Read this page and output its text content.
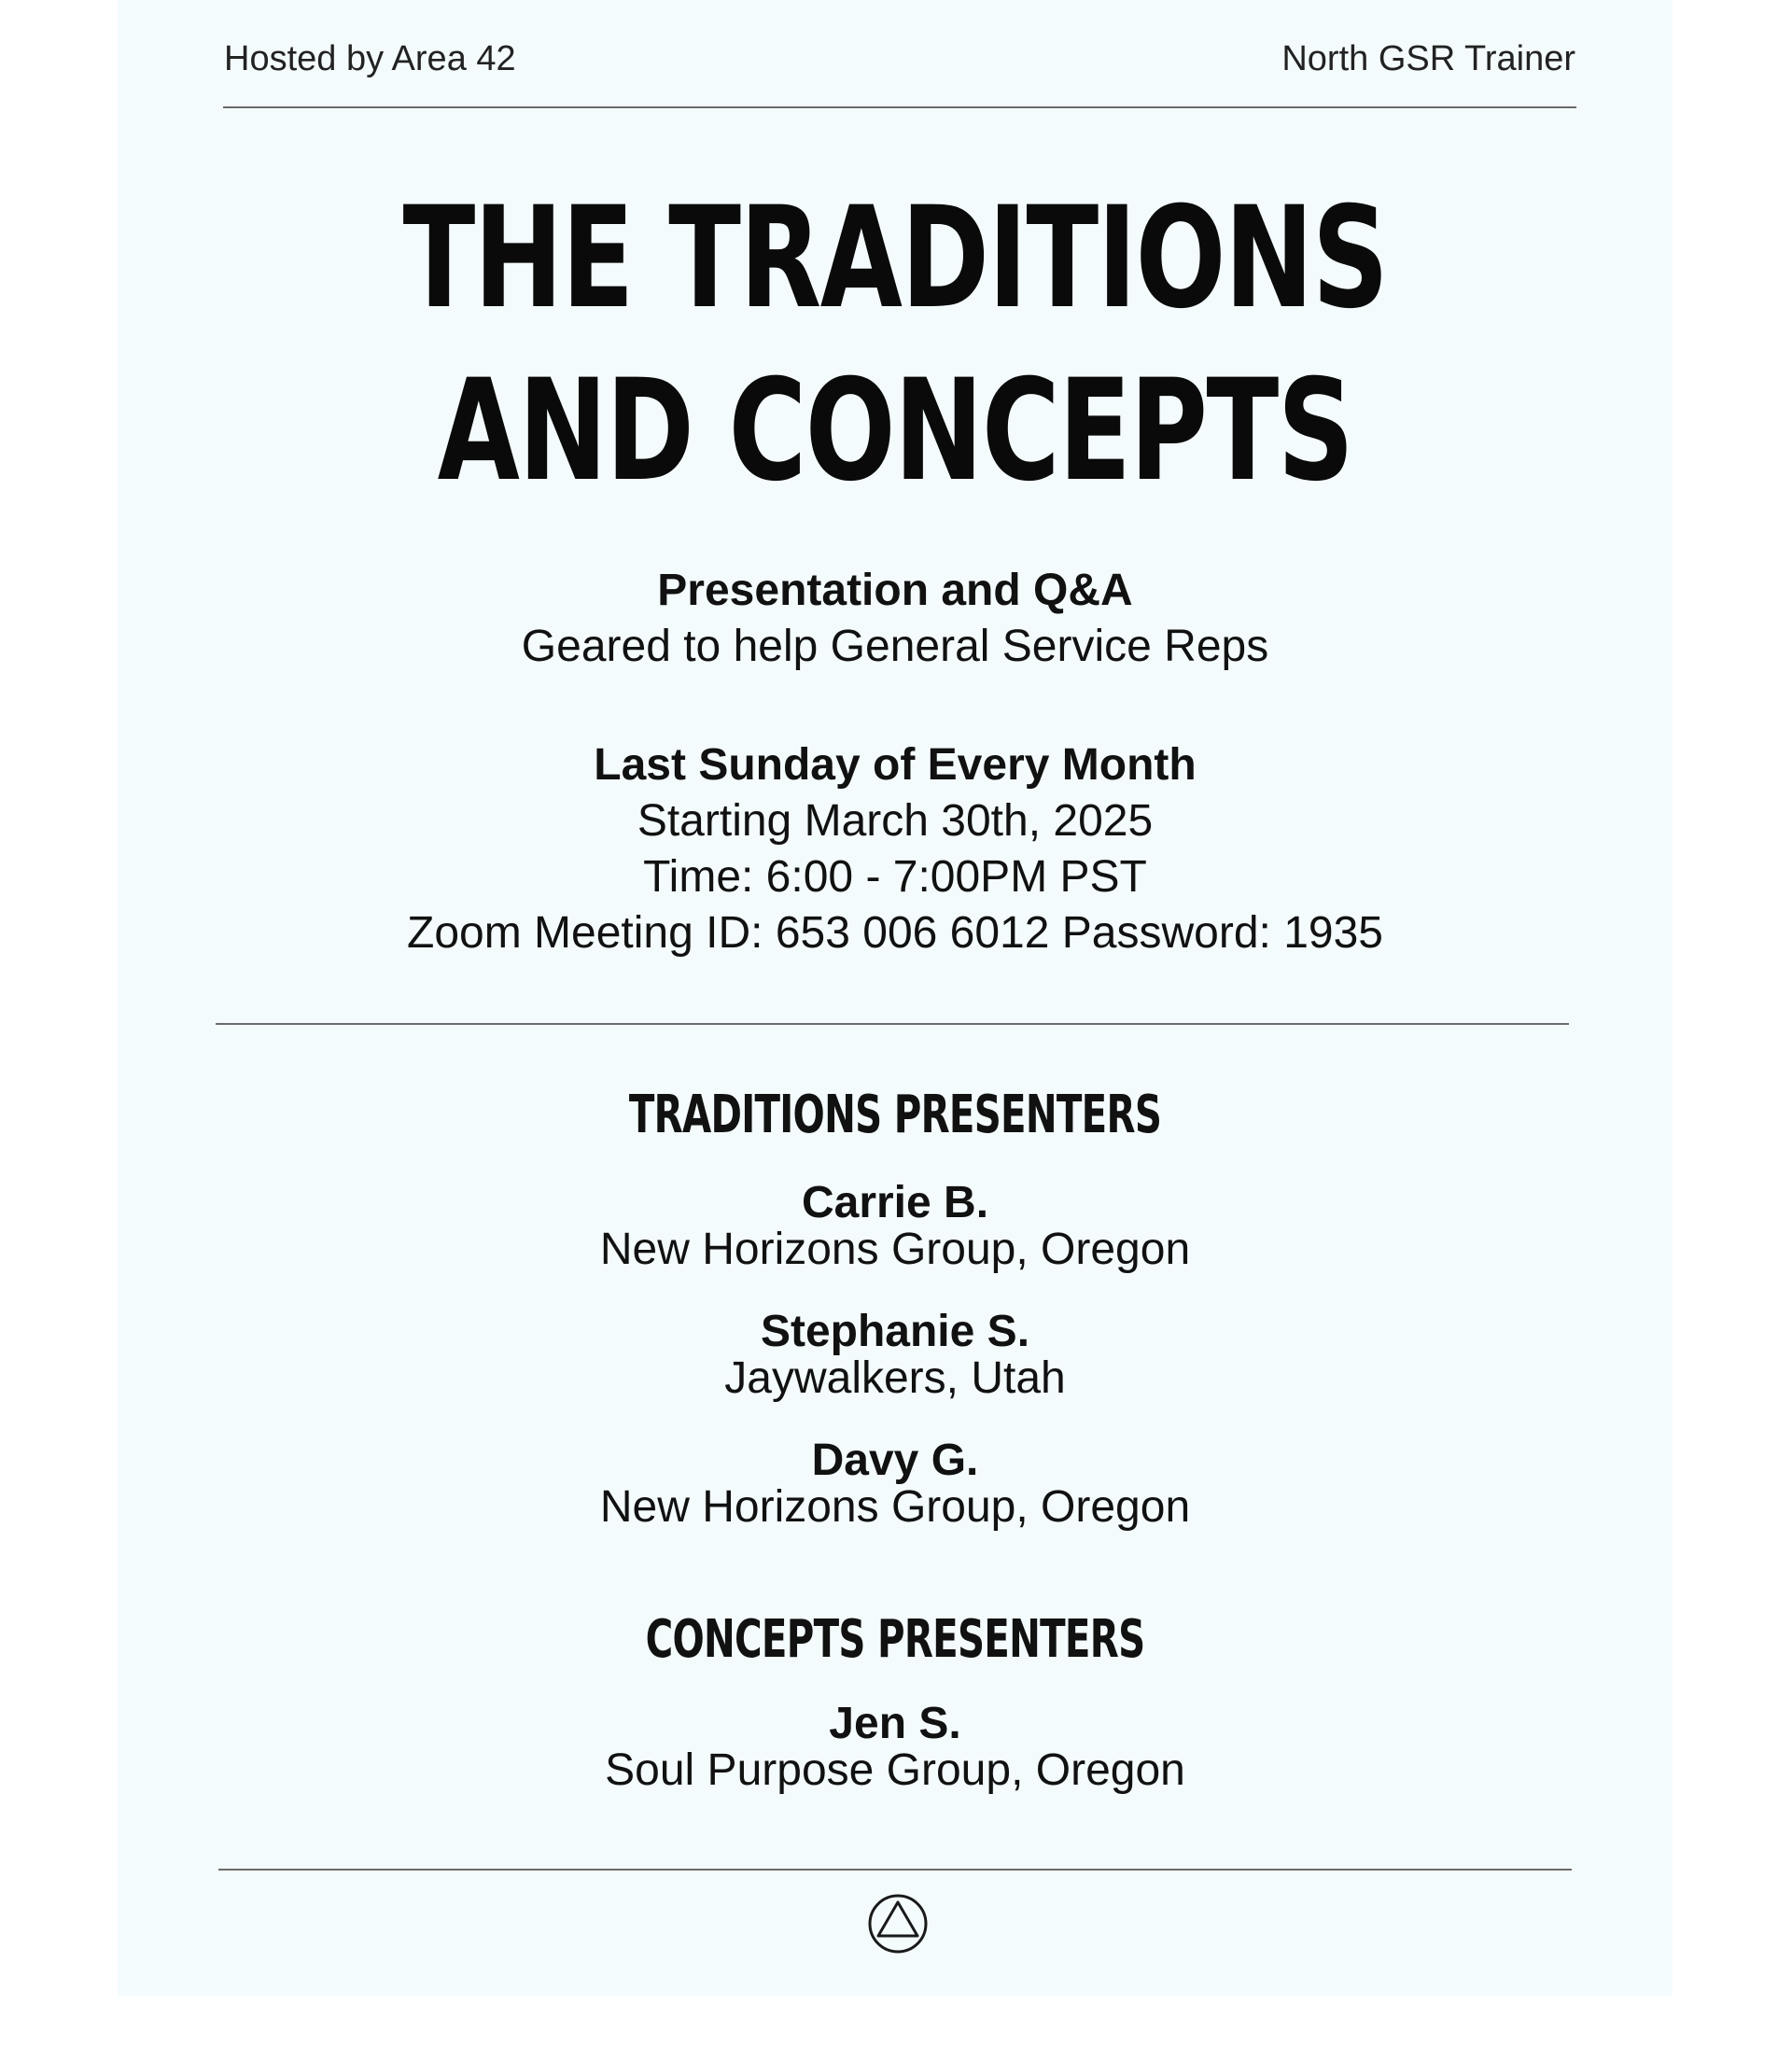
Hosted by Area 42	North GSR Trainer
THE TRADITIONS
AND CONCEPTS
Presentation and Q&A
Geared to help General Service Reps
Last Sunday of Every Month
Starting March 30th, 2025
Time: 6:00 - 7:00PM PST
Zoom Meeting ID: 653 006 6012 Password: 1935
TRADITIONS PRESENTERS
Carrie B.
New Horizons Group, Oregon
Stephanie S.
Jaywalkers, Utah
Davy G.
New Horizons Group, Oregon
CONCEPTS PRESENTERS
Jen S.
Soul Purpose Group, Oregon
